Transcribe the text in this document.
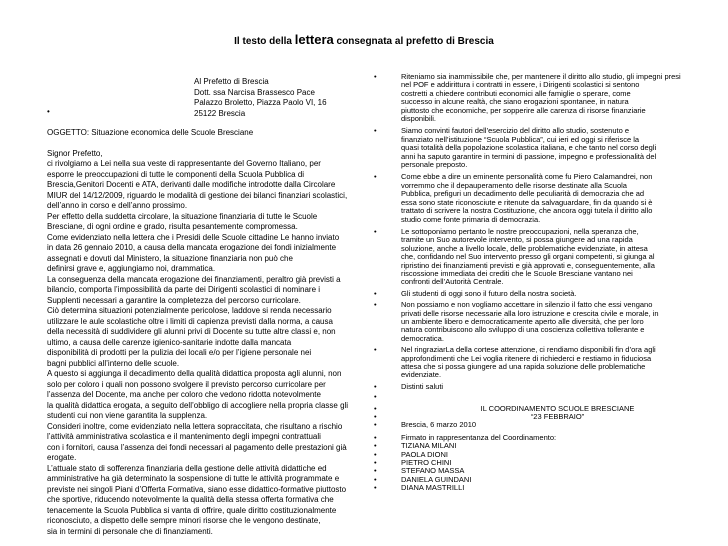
Il testo della lettera consegnata al prefetto di Brescia
Al Prefetto di Brescia
Dott. ssa Narcisa Brassesco Pace
Palazzo Broletto, Piazza Paolo VI, 16
25122 Brescia
•

OGGETTO: Situazione economica delle Scuole Bresciane

Signor Prefetto,

ci rivolgiamo a Lei nella sua veste di rappresentante del Governo Italiano, per

esporre le preoccupazioni di tutte le componenti della Scuola Pubblica di

Brescia,Genitori Docenti e ATA, derivanti dalle modifiche introdotte dalla Circolare

MIUR del 14/12/2009, riguardo le modalità di gestione dei bilanci finanziari scolastici,

dell’anno in corso e dell’anno prossimo.

Per effetto della suddetta circolare, la situazione finanziaria di tutte le Scuole

Bresciane, di ogni ordine e grado, risulta pesantemente compromessa.

Come evidenziato nella lettera che i Presidi delle Scuole cittadine Le hanno inviato

in data 26 gennaio 2010, a causa della mancata erogazione dei fondi inizialmente

assegnati e dovuti dal Ministero, la situazione finanziaria non può che

definirsi grave e, aggiungiamo noi, drammatica.

La conseguenza della mancata erogazione dei finanziamenti, peraltro già previsti a

bilancio, comporta l’impossibilità da parte dei Dirigenti scolastici di nominare i

Supplenti necessari a garantire la completezza del percorso curricolare.

Ciò determina situazioni potenzialmente pericolose, laddove si renda necessario

utilizzare le aule scolastiche oltre i limiti di capienza previsti dalla norma, a causa

della necessità di suddividere gli alunni privi di Docente su tutte altre classi e, non

ultimo, a causa delle carenze igienico-sanitarie indotte dalla mancata

disponibilità di prodotti per la pulizia dei locali e/o per l’igiene personale nei

bagni pubblici all’interno delle scuole.

A questo si aggiunga il decadimento della qualità didattica proposta agli alunni, non

solo per coloro i quali non possono svolgere il previsto percorso curricolare per

l’assenza del Docente, ma anche per coloro che vedono ridotta notevolmente

la qualità didattica erogata, a seguito dell’obbligo di accogliere nella propria classe gli

studenti cui non viene garantita la supplenza.

Consideri inoltre, come evidenziato nella lettera sopraccitata, che risultano a rischio

l’attività amministrativa scolastica e il mantenimento degli impegni contrattuali

con i fornitori, causa l’assenza dei fondi necessari al pagamento delle prestazioni già

erogate.

L’attuale stato di sofferenza finanziaria della gestione delle attività didattiche ed

amministrative ha già determinato la sospensione di tutte le attività programmate e

previste nei singoli Piani d’Offerta Formativa, siano esse didattico-formative piuttosto

che sportive, riducendo notevolmente la qualità della stessa offerta formativa che

tenacemente la Scuola Pubblica si vanta di offrire, quale diritto costituzionalmente

riconosciuto, a dispetto delle sempre minori risorse che le vengono destinate,

sia in termini di personale che di finanziamenti.

•	Riteniamo sia inammissibile che, per mantenere il diritto allo studio, gli impegni presi
nel POF e addirittura i contratti in essere, i Dirigenti scolastici si sentono
costretti a chiedere contributi economici alle famiglie o sperare, come
successo in alcune realtà, che siano erogazioni spontanee, in natura
piuttosto che economiche, per sopperire alle carenza di risorse finanziarie
disponibili.
•	Siamo convinti fautori dell’esercizio del diritto allo studio, sostenuto e
finanziato nell’istituzione “Scuola Pubblica”, cui ieri ed oggi si riferisce la
quasi totalità della popolazione scolastica italiana, e che tanto nel corso degli
anni ha saputo garantire in termini di passione, impegno e professionalità del
personale preposto.
•	Come ebbe a dire un eminente personalità come fu Piero Calamandrei, non
vorremmo che il depauperamento delle risorse destinate alla Scuola
Pubblica, prefiguri un decadimento delle peculiarità di democrazia che ad
essa sono state riconosciute e ritenute da salvaguardare, fin da quando si è
trattato di scrivere la nostra Costituzione, che ancora oggi tutela il diritto allo
studio come fonte primaria di democrazia.
•	Le sottoponiamo pertanto le nostre preoccupazioni, nella speranza che,
tramite un Suo autorevole intervento, si possa giungere ad una rapida
soluzione, anche a livello locale, delle problematiche evidenziate, in attesa
che, confidando nel Suo intervento presso gli organi competenti, si giunga al
ripristino dei finanziamenti previsti e già approvati e, conseguentemente, alla
riscossione immediata dei crediti che le Scuole Bresciane vantano nei
confronti dell’Autorità Centrale.
•	Gli studenti di oggi sono il futuro della nostra società.
•	Non possiamo e non vogliamo accettare in silenzio il fatto che essi vengano
privati delle risorse necessarie alla loro istruzione e crescita civile e morale, in
un ambiente libero e democraticamente aperto alle diversità, che per loro
natura contribuiscono allo sviluppo di una coscienza collettiva tollerante e
democratica.
•	Nel ringraziarLa della cortese attenzione, ci rendiamo disponibili fin d’ora agli
approfondimenti che Lei voglia ritenere di richiederci e restiamo in fiduciosa
attesa che si possa giungere ad una rapida soluzione delle problematiche
evidenziate.
•	Distinti saluti
•

•	IL COORDINAMENTO SCUOLE BRESCIANE
•	“23 FEBBRAIO”
•	Brescia, 6 marzo 2010
•	Firmato in rappresentanza del Coordinamento:
•	TIZIANA MILANI
•	PAOLA DIONI
•	PIETRO CHINI
•	STEFANO MASSA
•	DANIELA GUINDANI
•	DIANA MASTRILLI
